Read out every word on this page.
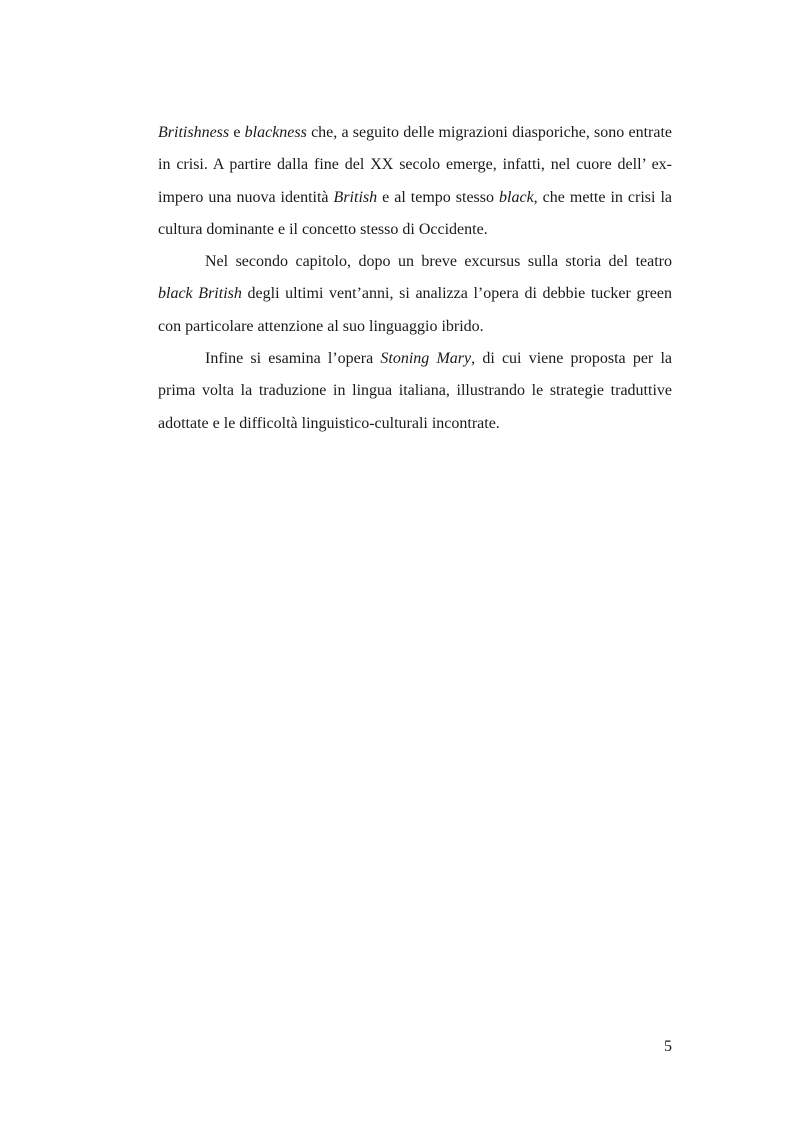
Britishness e blackness che, a seguito delle migrazioni diasporiche, sono entrate in crisi. A partire dalla fine del XX secolo emerge, infatti, nel cuore dell’ ex-impero una nuova identità British e al tempo stesso black, che mette in crisi la cultura dominante e il concetto stesso di Occidente.

Nel secondo capitolo, dopo un breve excursus sulla storia del teatro black British degli ultimi vent’anni, si analizza l’opera di debbie tucker green con particolare attenzione al suo linguaggio ibrido.

Infine si esamina l’opera Stoning Mary, di cui viene proposta per la prima volta la traduzione in lingua italiana, illustrando le strategie traduttive adottate e le difficoltà linguistico-culturali incontrate.

5
